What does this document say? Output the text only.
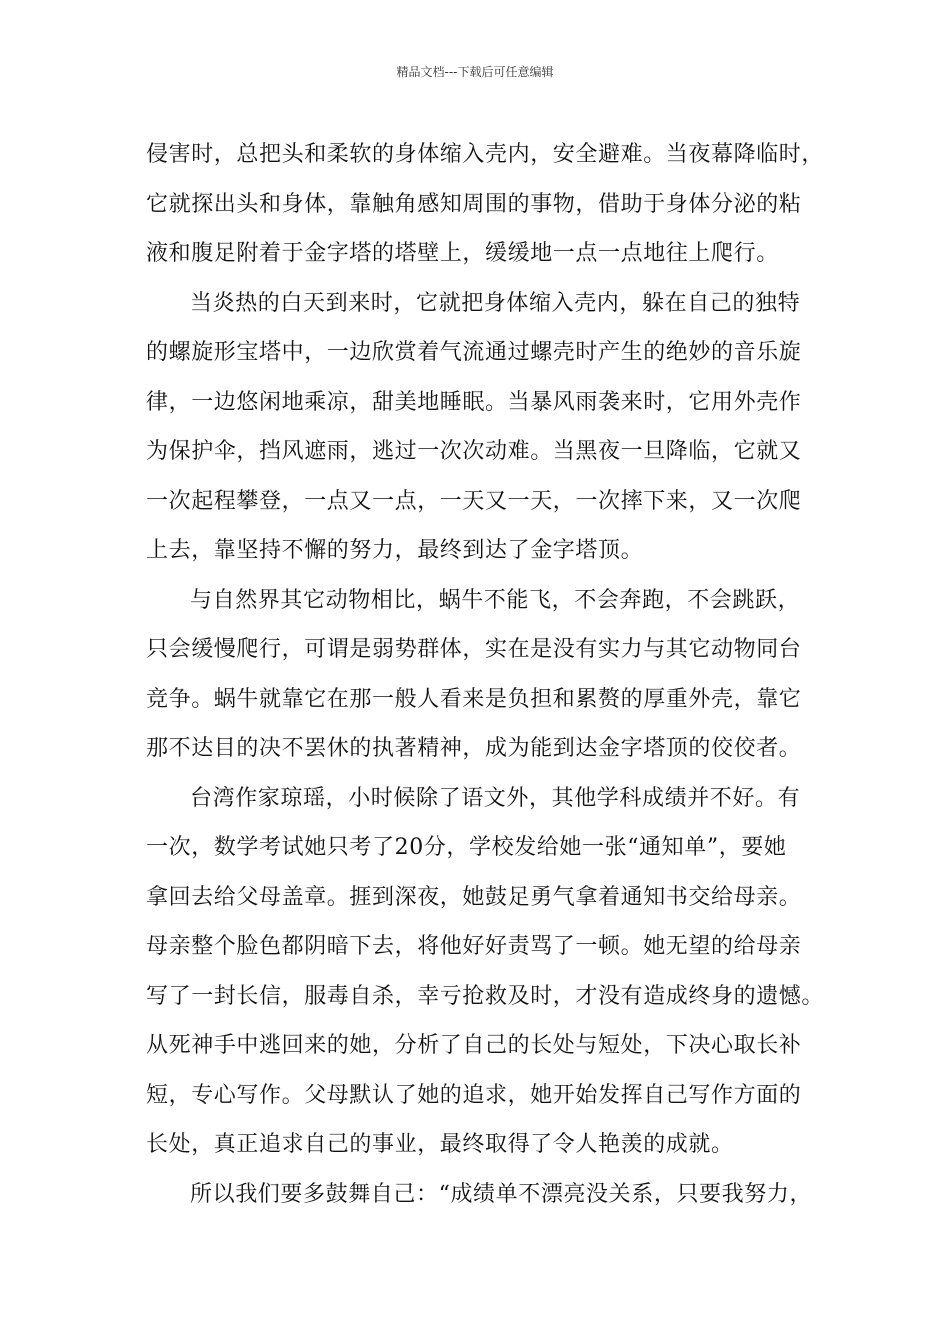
精品文档---下载后可任意编辑
侵害时，总把头和柔软的身体缩入壳内，安全避难。当夜幕降临时，
它就探出头和身体，靠触角感知周围的事物，借助于身体分泌的粘
液和腹足附着于金字塔的塔壁上，缓缓地一点一点地往上爬行。
当炎热的白天到来时，它就把身体缩入壳内，躲在自己的独特
的螺旋形宝塔中，一边欣赏着气流通过螺壳时产生的绝妙的音乐旋
律，一边悠闲地乘凉，甜美地睡眠。当暴风雨袭来时，它用外壳作
为保护伞，挡风遮雨，逃过一次次动难。当黑夜一旦降临，它就又
一次起程攀登，一点又一点，一天又一天，一次摔下来，又一次爬
上去，靠坚持不懈的努力，最终到达了金字塔顶。
与自然界其它动物相比，蜗牛不能飞，不会奔跑，不会跳跃，
只会缓慢爬行，可谓是弱势群体，实在是没有实力与其它动物同台
竞争。蜗牛就靠它在那一般人看来是负担和累赘的厚重外壳，靠它
那不达目的决不罢休的执著精神，成为能到达金字塔顶的佼佼者。
台湾作家琼瑶，小时候除了语文外，其他学科成绩并不好。有
一次，数学考试她只考了20分，学校发给她一张“通知单”，要她
拿回去给父母盖章。捱到深夜，她鼓足勇气拿着通知书交给母亲。
母亲整个脸色都阴暗下去，将他好好责骂了一顿。她无望的给母亲
写了一封长信，服毒自杀，幸亏抢救及时，才没有造成终身的遗憾。
从死神手中逃回来的她，分析了自己的长处与短处，下决心取长补
短，专心写作。父母默认了她的追求，她开始发挥自己写作方面的
长处，真正追求自己的事业，最终取得了令人艳羡的成就。
所以我们要多鼓舞自己：“成绩单不漂亮没关系，只要我努力，
